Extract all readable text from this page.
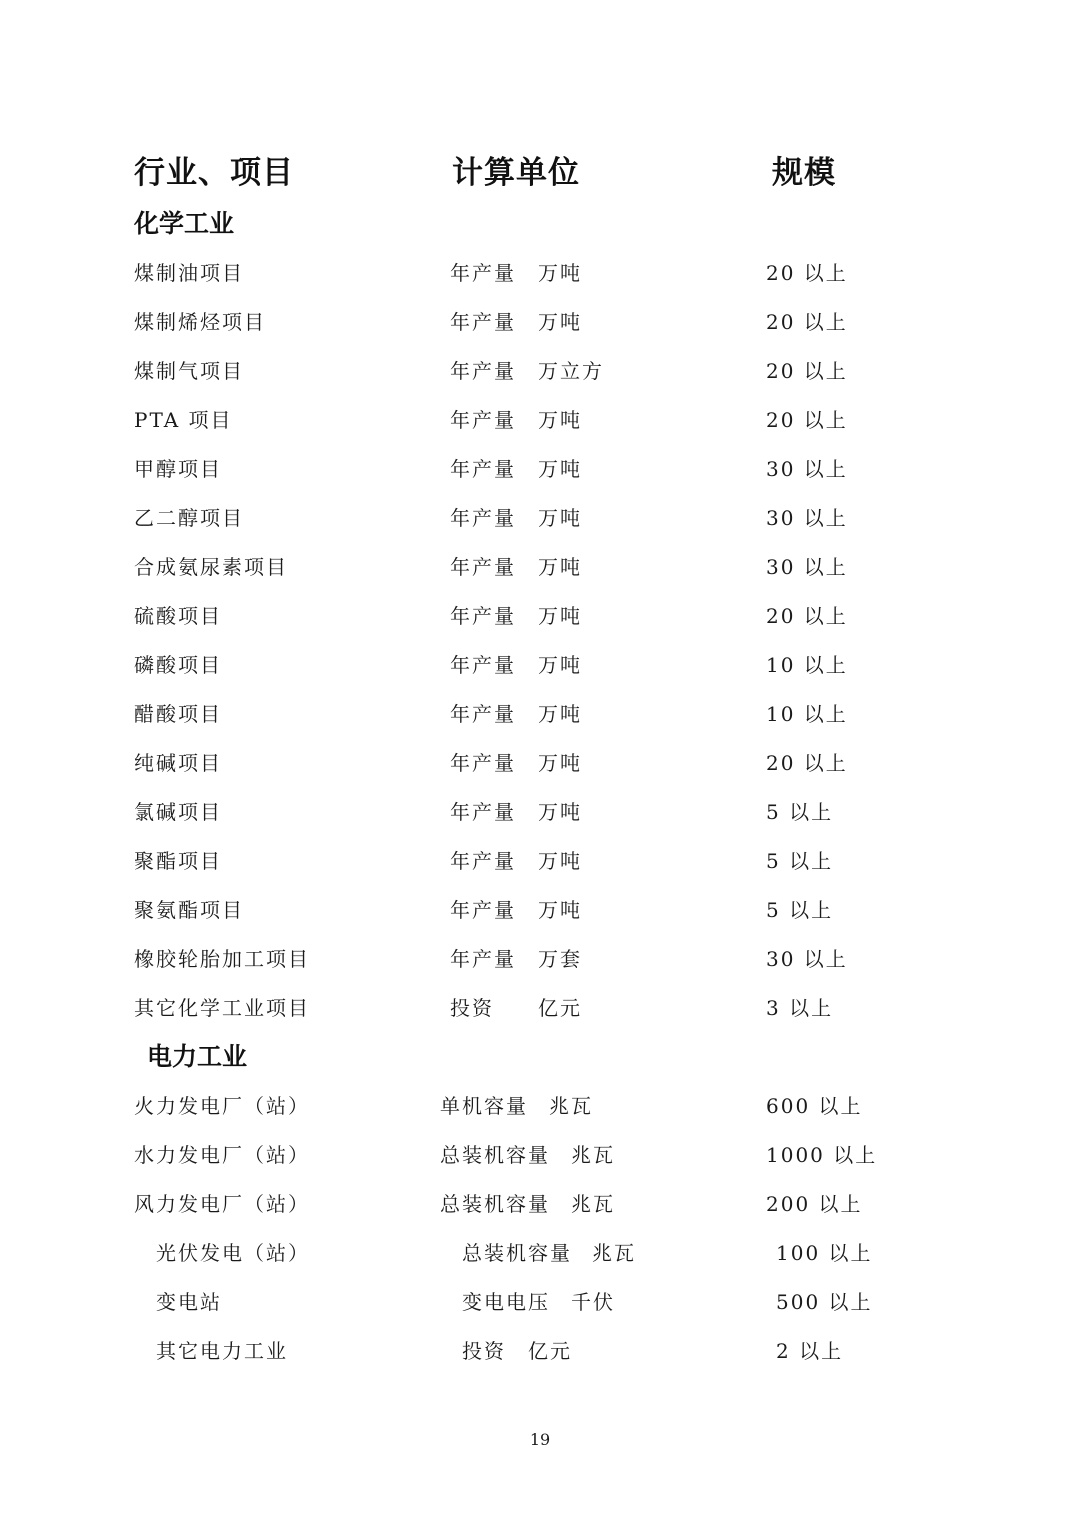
行业、项目	计算单位	规模
化学工业
煤制油项目	年产量 万吨	20 以上
煤制烯烃项目	年产量 万吨	20 以上
煤制气项目	年产量 万立方	20 以上
PTA 项目	年产量 万吨	20 以上
甲醇项目	年产量 万吨	30 以上
乙二醇项目	年产量 万吨	30 以上
合成氨尿素项目	年产量 万吨	30 以上
硫酸项目	年产量 万吨	20 以上
磷酸项目	年产量 万吨	10 以上
醋酸项目	年产量 万吨	10 以上
纯碱项目	年产量 万吨	20 以上
氯碱项目	年产量 万吨	5 以上
聚酯项目	年产量 万吨	5 以上
聚氨酯项目	年产量 万吨	5 以上
橡胶轮胎加工项目	年产量 万套	30 以上
其它化学工业项目	投资 亿元	3 以上
电力工业
火力发电厂（站）	单机容量 兆瓦	600 以上
水力发电厂（站）	总装机容量 兆瓦	1000 以上
风力发电厂（站）	总装机容量 兆瓦	200 以上
光伏发电（站）	总装机容量 兆瓦	100 以上
变电站	变电电压 千伏	500 以上
其它电力工业	投资 亿元	2 以上
19
